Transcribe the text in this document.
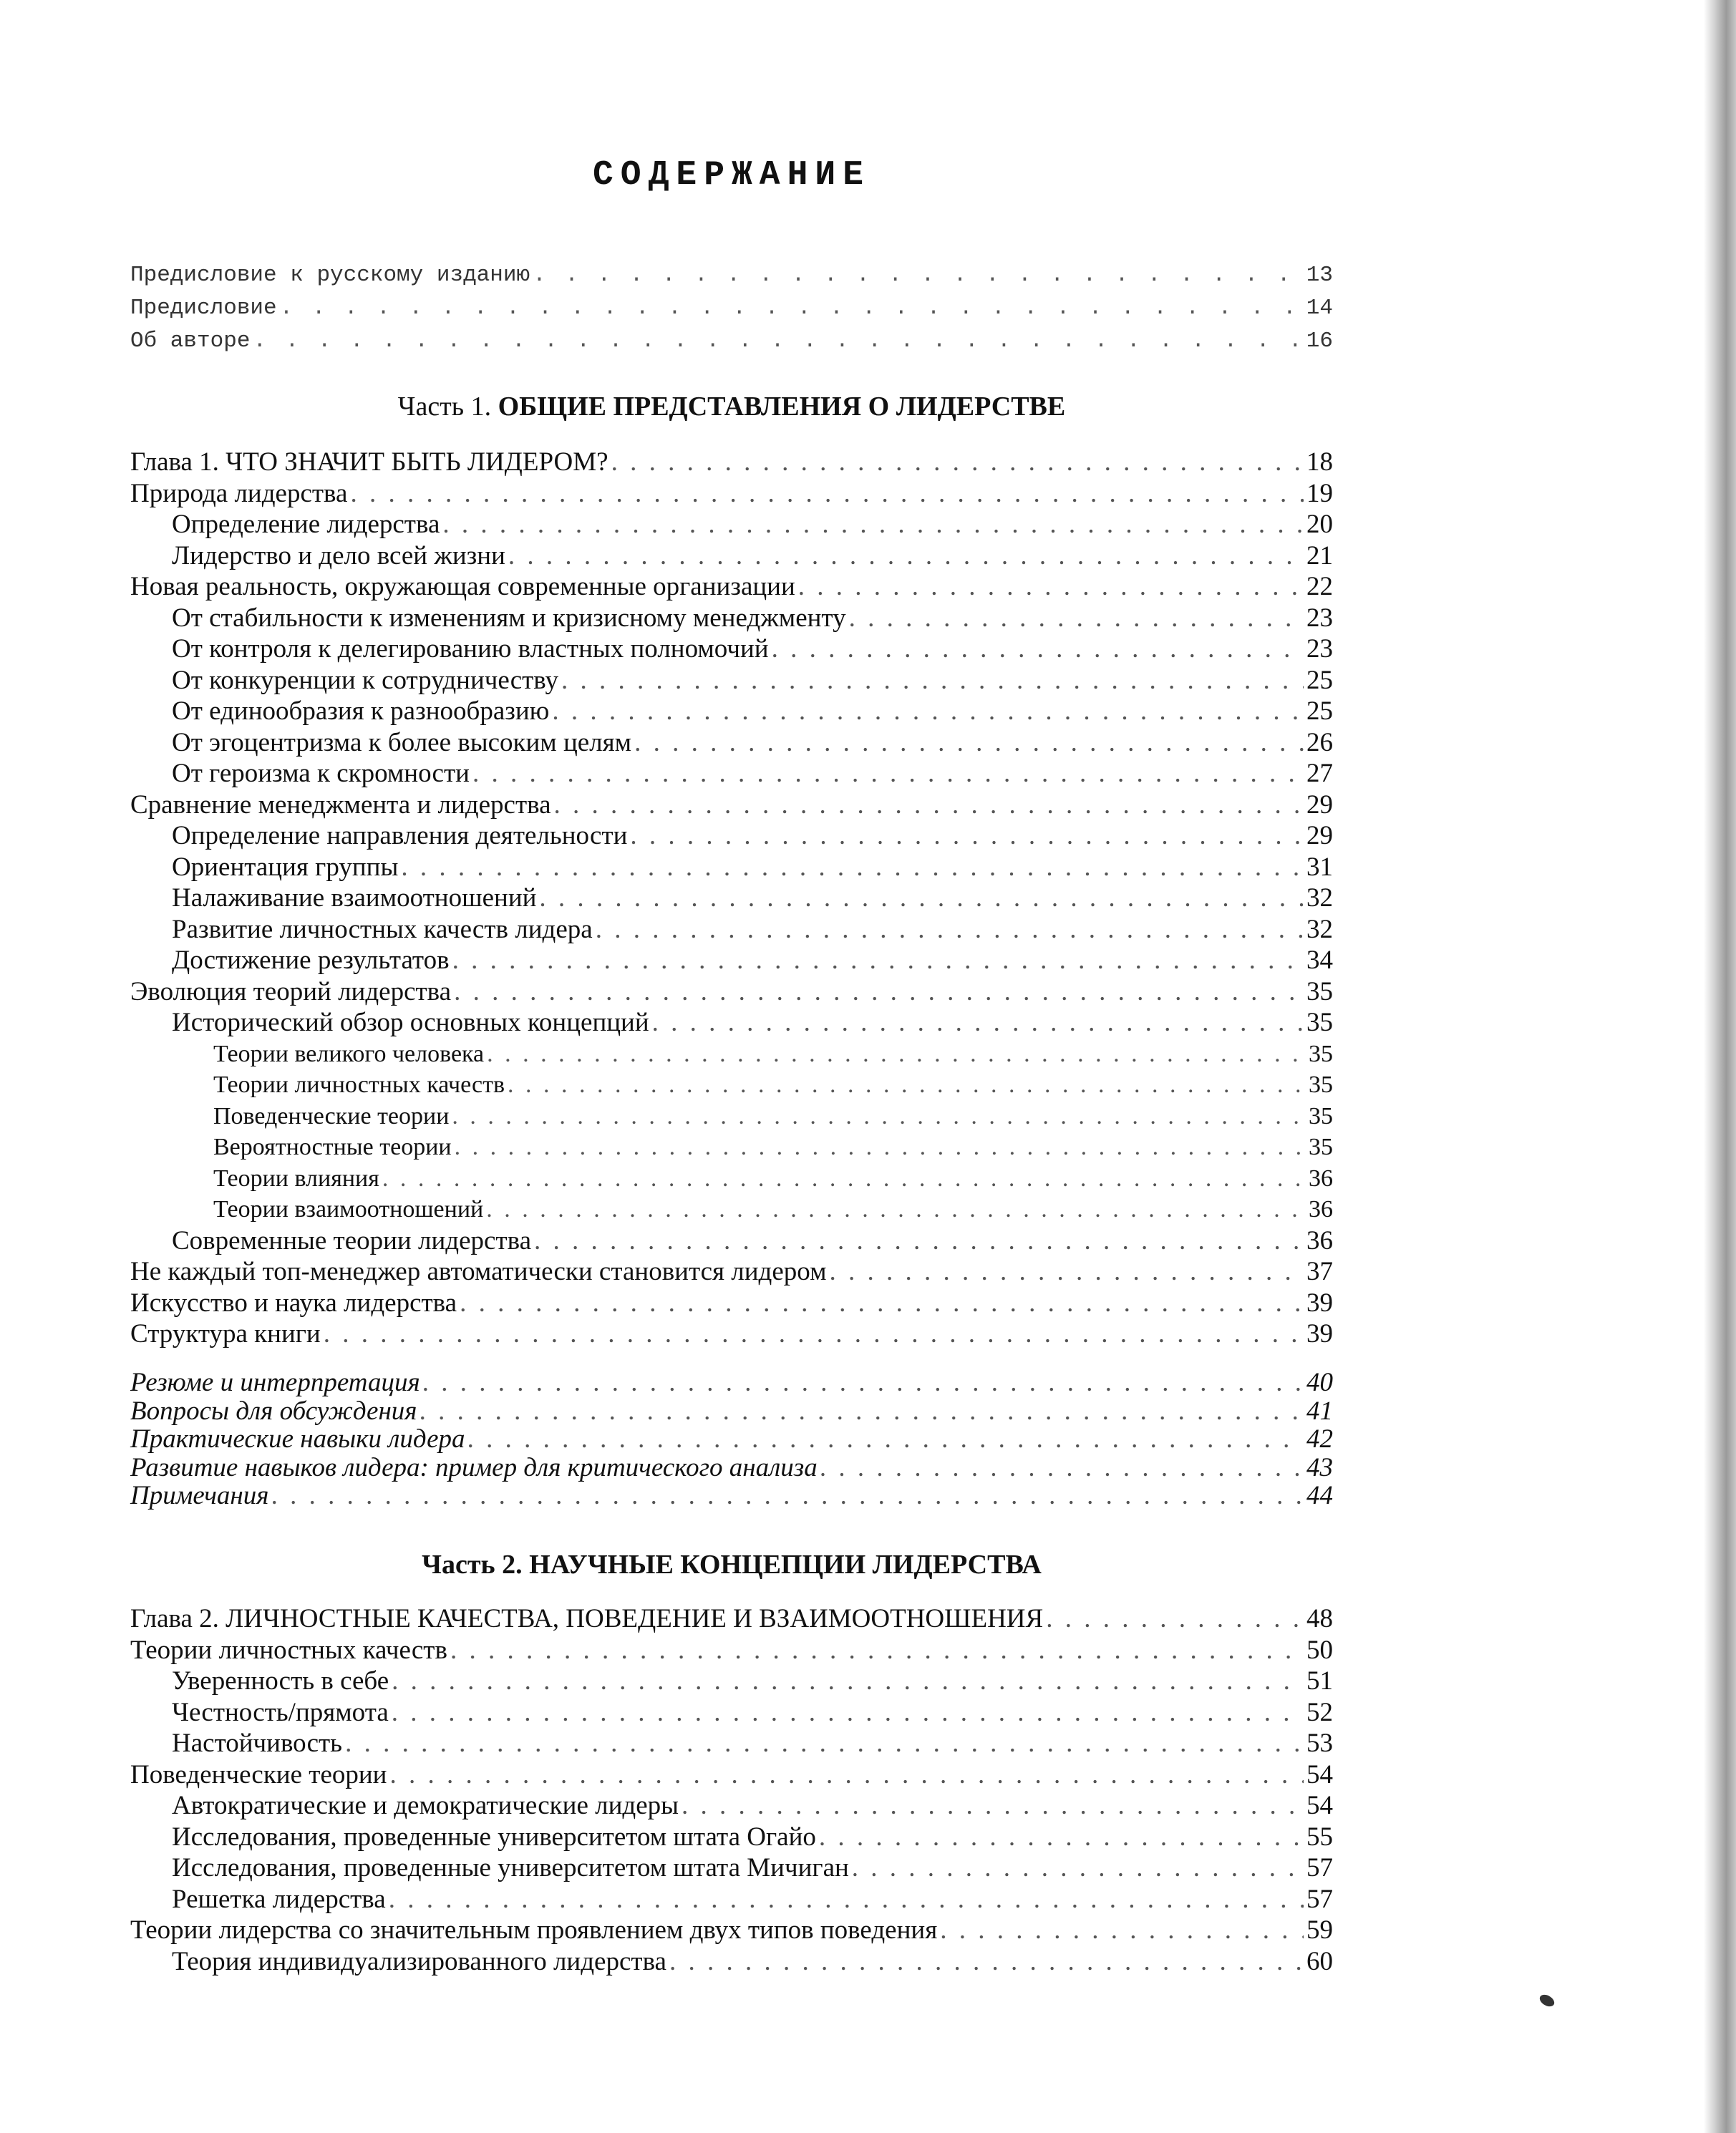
СОДЕРЖАНИЕ
Предисловие к русскому изданию . . .	13
Предисловие . . .	14
Об авторе . . .	16
Часть 1. ОБЩИЕ ПРЕДСТАВЛЕНИЯ О ЛИДЕРСТВЕ
Глава 1. ЧТО ЗНАЧИТ БЫТЬ ЛИДЕРОМ? . . .	18
Природа лидерства . . .	19
Определение лидерства . . .	20
Лидерство и дело всей жизни . . .	21
Новая реальность, окружающая современные организации . . .	22
От стабильности к изменениям и кризисному менеджменту . . .	23
От контроля к делегированию властных полномочий . . .	23
От конкуренции к сотрудничеству . . .	25
От единообразия к разнообразию . . .	25
От эгоцентризма к более высоким целям . . .	26
От героизма к скромности . . .	27
Сравнение менеджмента и лидерства . . .	29
Определение направления деятельности . . .	29
Ориентация группы . . .	31
Налаживание взаимоотношений . . .	32
Развитие личностных качеств лидера . . .	32
Достижение результатов . . .	34
Эволюция теорий лидерства . . .	35
Исторический обзор основных концепций . . .	35
Теории великого человека . . .	35
Теории личностных качеств . . .	35
Поведенческие теории . . .	35
Вероятностные теории . . .	35
Теории влияния . . .	36
Теории взаимоотношений . . .	36
Современные теории лидерства . . .	36
Не каждый топ-менеджер автоматически становится лидером . . .	37
Искусство и наука лидерства . . .	39
Структура книги . . .	39
Резюме и интерпретация . . .	40
Вопросы для обсуждения . . .	41
Практические навыки лидера . . .	42
Развитие навыков лидера: пример для критического анализа . . .	43
Примечания . . .	44
Часть 2. НАУЧНЫЕ КОНЦЕПЦИИ ЛИДЕРСТВА
Глава 2. ЛИЧНОСТНЫЕ КАЧЕСТВА, ПОВЕДЕНИЕ И ВЗАИМООТНОШЕНИЯ . . .	48
Теории личностных качеств . . .	50
Уверенность в себе . . .	51
Честность/прямота . . .	52
Настойчивость . . .	53
Поведенческие теории . . .	54
Автократические и демократические лидеры . . .	54
Исследования, проведенные университетом штата Огайо . . .	55
Исследования, проведенные университетом штата Мичиган . . .	57
Решетка лидерства . . .	57
Теории лидерства со значительным проявлением двух типов поведения . . .	59
Теория индивидуализированного лидерства . . .	60
